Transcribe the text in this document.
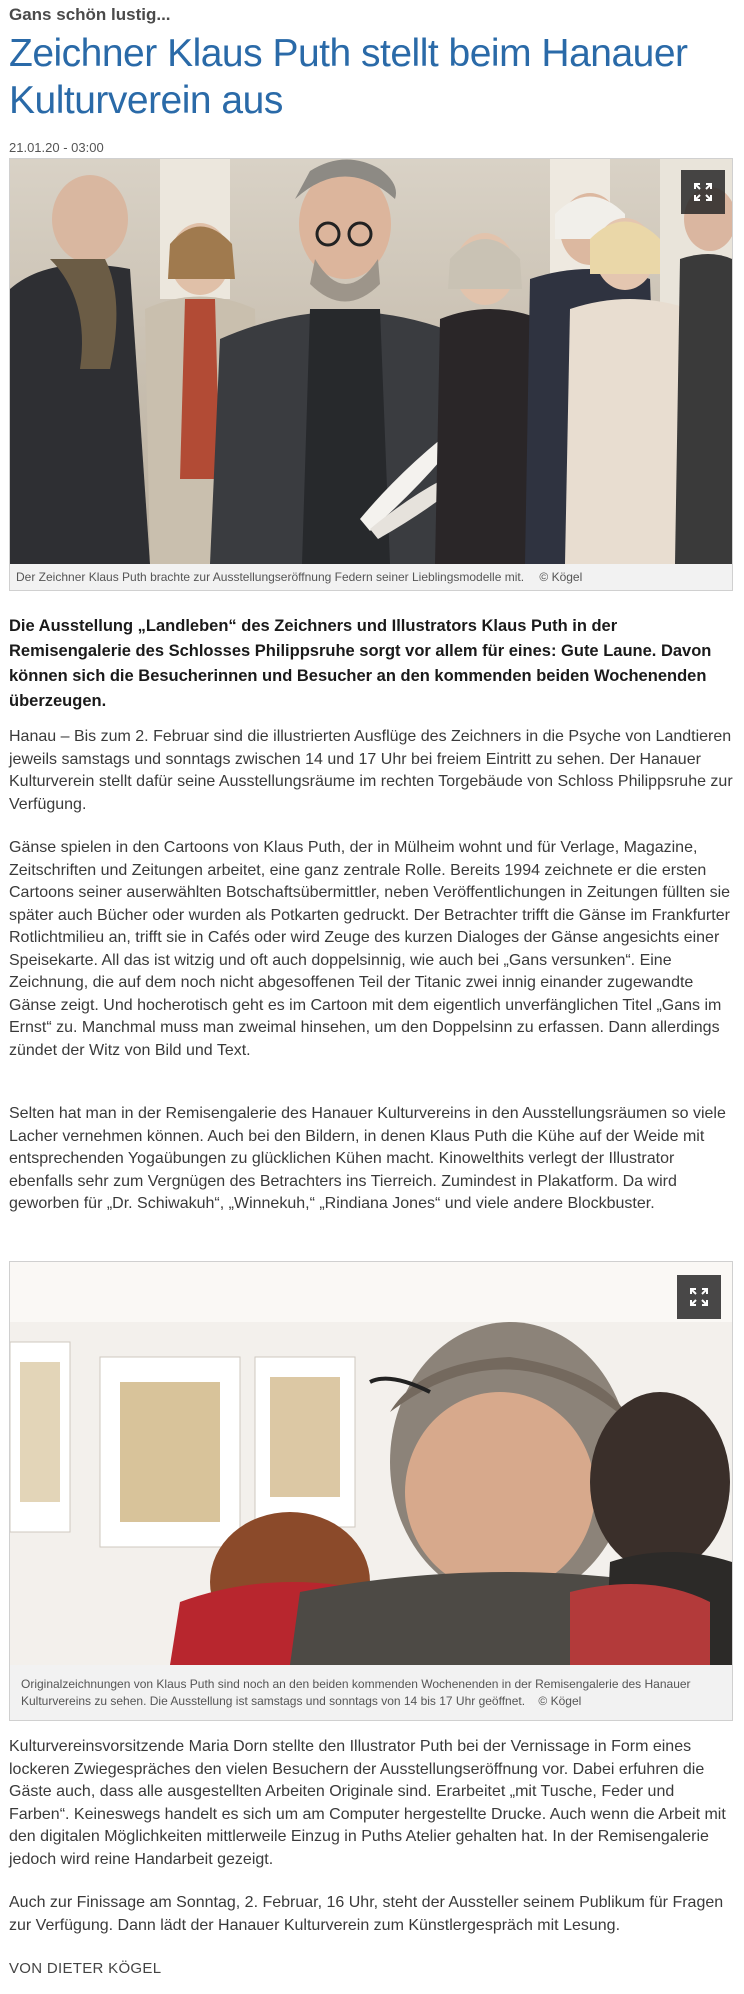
Gans schön lustig...
Zeichner Klaus Puth stellt beim Hanauer Kulturverein aus
21.01.20 - 03:00
Der Zeichner Klaus Puth brachte zur Ausstellungseröffnung Federn seiner Lieblingsmodelle mit. © Kögel
Die Ausstellung „Landleben“ des Zeichners und Illustrators Klaus Puth in der Remisengalerie des Schlosses Philippsruhe sorgt vor allem für eines: Gute Laune. Davon können sich die Besucherinnen und Besucher an den kommenden beiden Wochenenden überzeugen.
Hanau – Bis zum 2. Februar sind die illustrierten Ausflüge des Zeichners in die Psyche von Landtieren jeweils samstags und sonntags zwischen 14 und 17 Uhr bei freiem Eintritt zu sehen. Der Hanauer Kulturverein stellt dafür seine Ausstellungsräume im rechten Torgebäude von Schloss Philippsruhe zur Verfügung.
Gänse spielen in den Cartoons von Klaus Puth, der in Mülheim wohnt und für Verlage, Magazine, Zeitschriften und Zeitungen arbeitet, eine ganz zentrale Rolle. Bereits 1994 zeichnete er die ersten Cartoons seiner auserwählten Botschaftsübermittler, neben Veröffentlichungen in Zeitungen füllten sie später auch Bücher oder wurden als Potkarten gedruckt. Der Betrachter trifft die Gänse im Frankfurter Rotlichtmilieu an, trifft sie in Cafés oder wird Zeuge des kurzen Dialoges der Gänse angesichts einer Speisekarte. All das ist witzig und oft auch doppelsinnig, wie auch bei „Gans versunken“. Eine Zeichnung, die auf dem noch nicht abgesoffenen Teil der Titanic zwei innig einander zugewandte Gänse zeigt. Und hocherotisch geht es im Cartoon mit dem eigentlich unverfänglichen Titel „Gans im Ernst“ zu. Manchmal muss man zweimal hinsehen, um den Doppelsinn zu erfassen. Dann allerdings zündet der Witz von Bild und Text.
Selten hat man in der Remisengalerie des Hanauer Kulturvereins in den Ausstellungsräumen so viele Lacher vernehmen können. Auch bei den Bildern, in denen Klaus Puth die Kühe auf der Weide mit entsprechenden Yogaübungen zu glücklichen Kühen macht. Kinowelthits verlegt der Illustrator ebenfalls sehr zum Vergnügen des Betrachters ins Tierreich. Zumindest in Plakatform. Da wird geworben für „Dr. Schiwakuh“, „Winnekuh,“ „Rindiana Jones“ und viele andere Blockbuster.
Originalzeichnungen von Klaus Puth sind noch an den beiden kommenden Wochenenden in der Remisengalerie des Hanauer Kulturvereins zu sehen. Die Ausstellung ist samstags und sonntags von 14 bis 17 Uhr geöffnet. © Kögel
Kulturvereinsvorsitzende Maria Dorn stellte den Illustrator Puth bei der Vernissage in Form eines lockeren Zwiegespräches den vielen Besuchern der Ausstellungseröffnung vor. Dabei erfuhren die Gäste auch, dass alle ausgestellten Arbeiten Originale sind. Erarbeitet „mit Tusche, Feder und Farben“. Keineswegs handelt es sich um am Computer hergestellte Drucke. Auch wenn die Arbeit mit den digitalen Möglichkeiten mittlerweile Einzug in Puths Atelier gehalten hat. In der Remisengalerie jedoch wird reine Handarbeit gezeigt.
Auch zur Finissage am Sonntag, 2. Februar, 16 Uhr, steht der Aussteller seinem Publikum für Fragen zur Verfügung. Dann lädt der Hanauer Kulturverein zum Künstlergespräch mit Lesung.
VON DIETER KÖGEL
